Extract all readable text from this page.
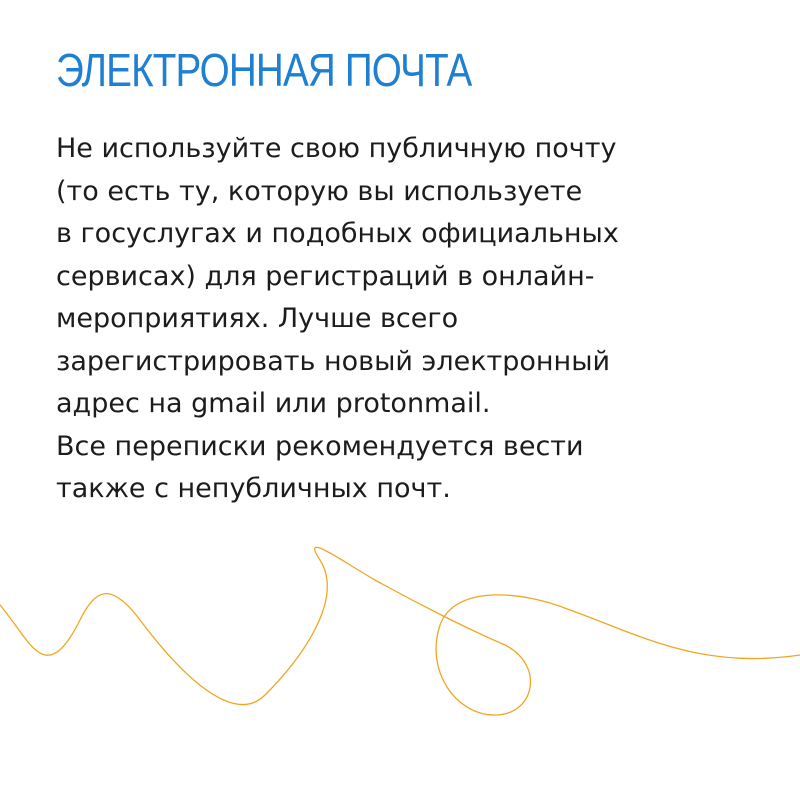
ЭЛЕКТРОННАЯ ПОЧТА
Не используйте свою публичную почту
(то есть ту, которую вы используете
в госуслугах и подобных официальных
сервисах) для регистраций в онлайн-
мероприятиях. Лучше всего
зарегистрировать новый электронный
адрес на gmail или protonmail.
Все переписки рекомендуется вести
также с непубличных почт.
